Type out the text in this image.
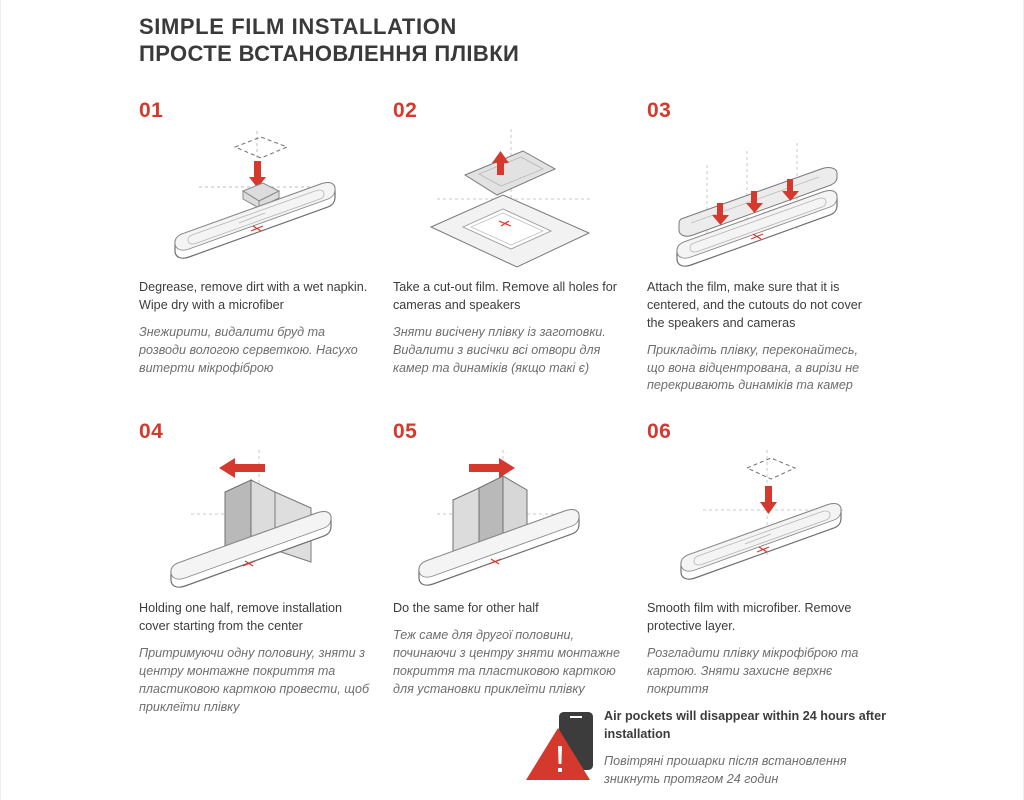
SIMPLE FILM INSTALLATION
ПРОСТЕ ВСТАНОВЛЕННЯ ПЛІВКИ
01
Degrease, remove dirt with a wet napkin. Wipe dry with a microfiber
Знежирити, видалити бруд та розводи вологою серветкою. Насухо витерти мікрофіброю
02
Take a cut-out film. Remove all holes for cameras and speakers
Зняти висічену плівку із заготовки. Видалити з висічки всі отвори для камер та динаміків (якщо такі є)
03
Attach the film, make sure that it is centered, and the cutouts do not cover the speakers and cameras
Прикладіть плівку, переконайтесь, що вона відцентрована, а вирізи не перекривають динаміків та камер
04
Holding one half, remove installation cover starting from the center
Притримуючи одну половину, зняти з центру монтажне покриття та пластиковою карткою провести, щоб приклеїти плівку
05
Do the same for other half
Теж саме для другої половини, починаючи з центру зняти монтажне покриття та пластиковою карткою для установки приклеїти плівку
06
Smooth film with microfiber. Remove protective layer.
Розгладити плівку мікрофіброю та картою. Зняти захисне верхнє покриття
Air pockets will disappear within 24 hours after installation
Повітряні прошарки після встановлення зникнуть протягом 24 годин
